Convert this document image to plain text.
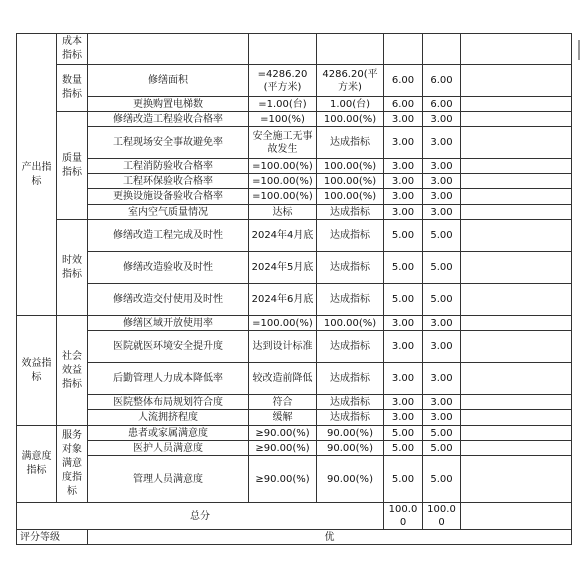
产出指标	成本指标						
	数量指标	修缮面积	=4286.20(平方米)	4286.20(平方米)	6.00	6.00	
		更换购置电梯数	=1.00(台)	1.00(台)	6.00	6.00	
	质量指标	修缮改造工程验收合格率	=100(%)	100.00(%)	3.00	3.00	
		工程现场安全事故避免率	安全施工无事故发生	达成指标	3.00	3.00	
		工程消防验收合格率	=100.00(%)	100.00(%)	3.00	3.00	
		工程环保验收合格率	=100.00(%)	100.00(%)	3.00	3.00	
		更换设施设备验收合格率	=100.00(%)	100.00(%)	3.00	3.00	
		室内空气质量情况	达标	达成指标	3.00	3.00	
	时效指标	修缮改造工程完成及时性	2024年4月底	达成指标	5.00	5.00	
		修缮改造验收及时性	2024年5月底	达成指标	5.00	5.00	
		修缮改造交付使用及时性	2024年6月底	达成指标	5.00	5.00	
效益指标	社会效益指标	修缮区域开放使用率	=100.00(%)	100.00(%)	3.00	3.00	
		医院就医环境安全提升度	达到设计标准	达成指标	3.00	3.00	
		后勤管理人力成本降低率	较改造前降低	达成指标	3.00	3.00	
		医院整体布局规划符合度	符合	达成指标	3.00	3.00	
		人流拥挤程度	缓解	达成指标	3.00	3.00	
满意度指标	服务对象满意度指标	患者或家属满意度	≥90.00(%)	90.00(%)	5.00	5.00	
		医护人员满意度	≥90.00(%)	90.00(%)	5.00	5.00	
		管理人员满意度	≥90.00(%)	90.00(%)	5.00	5.00	
总分					100.00	100.00	
评分等级		优					
